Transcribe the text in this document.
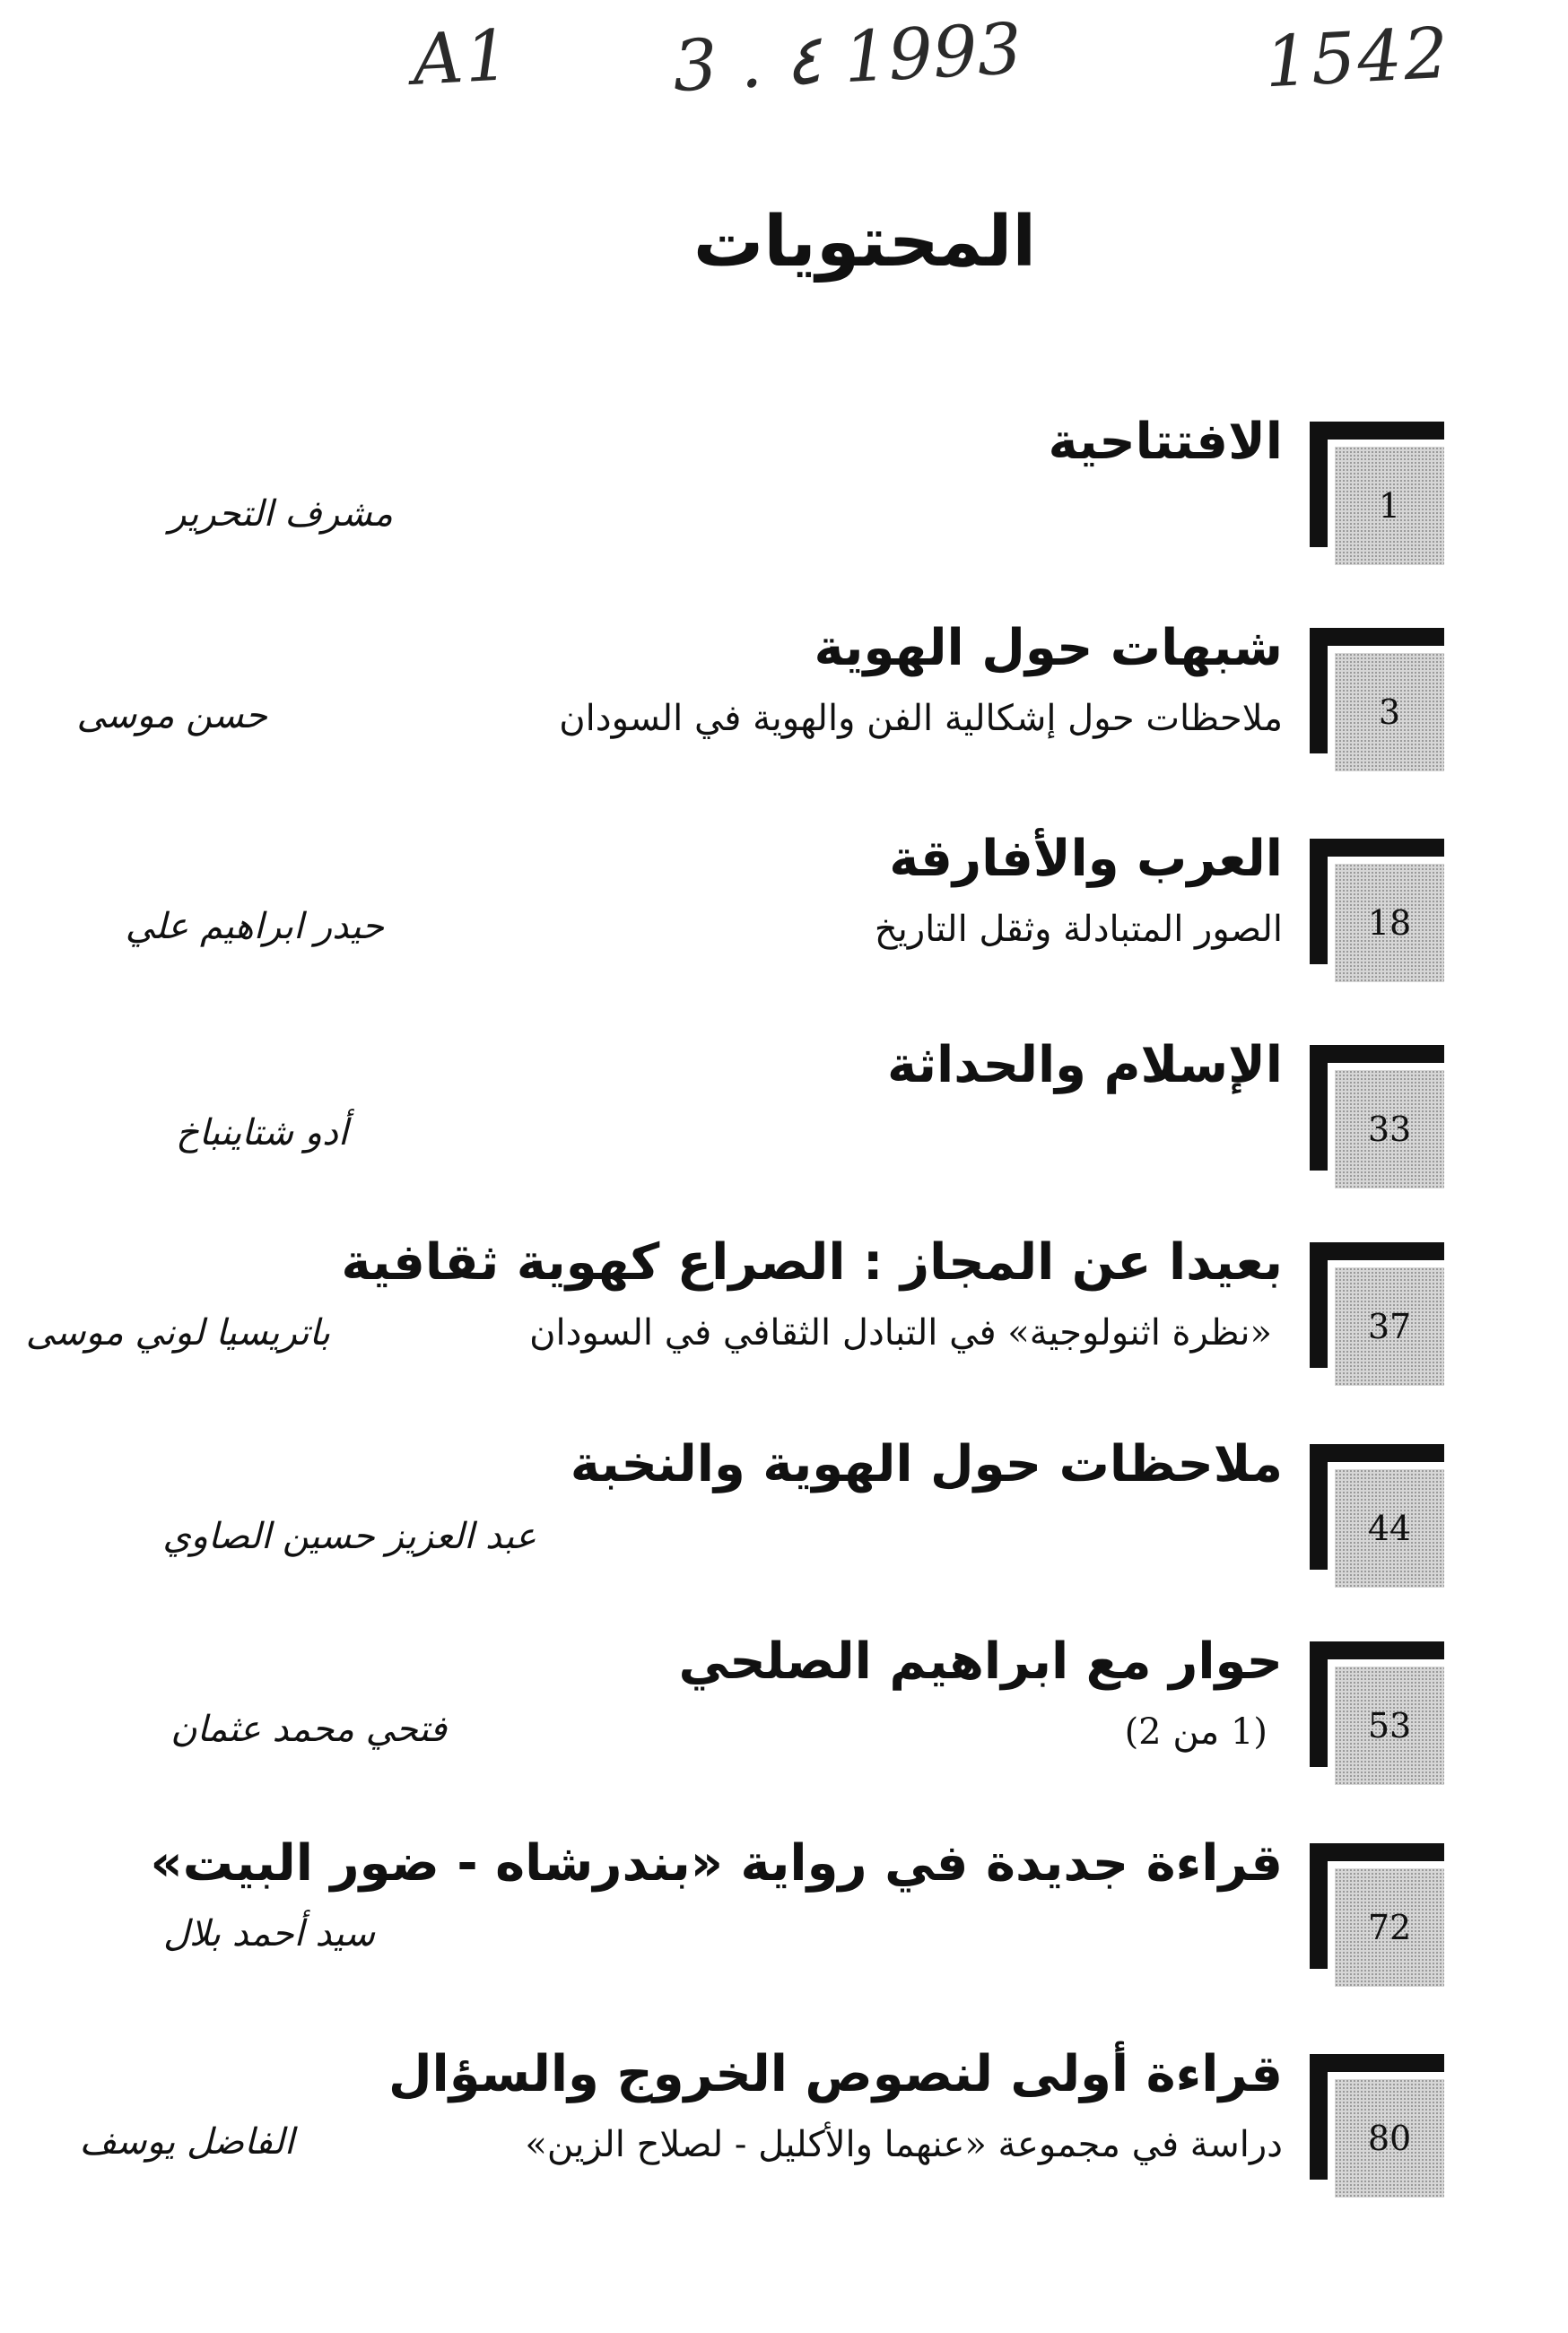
A1 3 . ٤ 1993	1542
المحتويات
1
الافتتاحية
مشرف التحرير
3
شبهات حول الهوية
ملاحظات حول إشكالية الفن والهوية في السودان
حسن موسى
18
العرب والأفارقة
الصور المتبادلة وثقل التاريخ
حيدر ابراهيم علي
33
الإسلام والحداثة
أدو شتاينباخ
37
بعيدا عن المجاز : الصراع كهوية ثقافية
«نظرة اثنولوجية» في التبادل الثقافي في السودان
باتريسيا لوني موسى
44
ملاحظات حول الهوية والنخبة
عبد العزيز حسين الصاوي
53
حوار مع ابراهيم الصلحي
(1 من 2)
فتحي محمد عثمان
72
قراءة جديدة في رواية «بندرشاه - ضور البيت»
سيد أحمد بلال
80
قراءة أولى لنصوص الخروج والسؤال
دراسة في مجموعة «عنهما والأكليل - لصلاح الزين»
الفاضل يوسف
